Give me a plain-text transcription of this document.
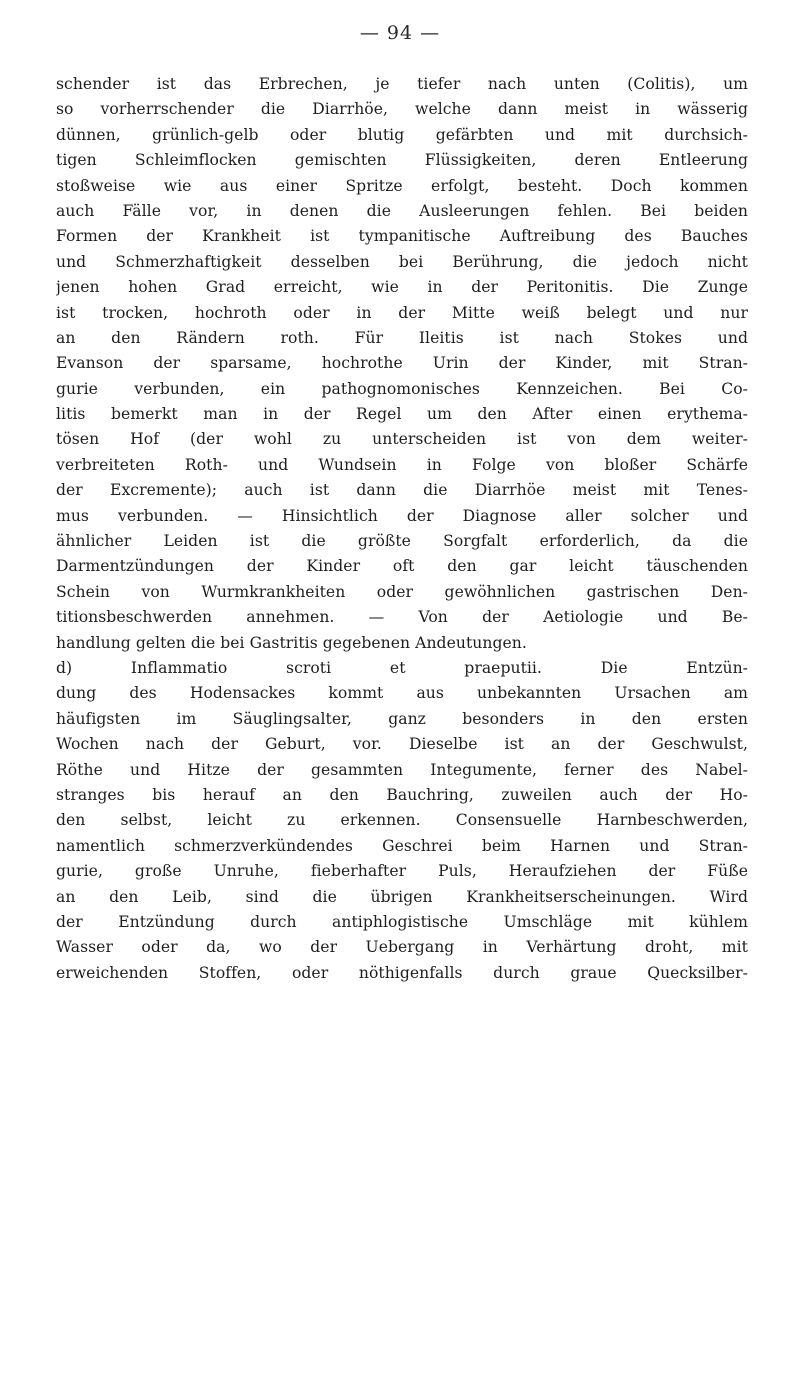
— 94 —
schender ist das Erbrechen, je tiefer nach unten (Colitis), um
so vorherrschender die Diarrhöe, welche dann meist in wässerig
dünnen, grünlich-gelb oder blutig gefärbten und mit durchsich-
tigen Schleimflocken gemischten Flüssigkeiten, deren Entleerung
stoßweise wie aus einer Spritze erfolgt, besteht. Doch kommen
auch Fälle vor, in denen die Ausleerungen fehlen. Bei beiden
Formen der Krankheit ist tympanitische Auftreibung des Bauches
und Schmerzhaftigkeit desselben bei Berührung, die jedoch nicht
jenen hohen Grad erreicht, wie in der Peritonitis. Die Zunge
ist trocken, hochroth oder in der Mitte weiß belegt und nur
an den Rändern roth. Für Ileitis ist nach Stokes und
Evanson der sparsame, hochrothe Urin der Kinder, mit Stran-
gurie verbunden, ein pathognomonisches Kennzeichen. Bei Co-
litis bemerkt man in der Regel um den After einen erythema-
tösen Hof (der wohl zu unterscheiden ist von dem weiter-
verbreiteten Roth- und Wundsein in Folge von bloßer Schärfe
der Excremente); auch ist dann die Diarrhöe meist mit Tenes-
mus verbunden. — Hinsichtlich der Diagnose aller solcher und
ähnlicher Leiden ist die größte Sorgfalt erforderlich, da die
Darmentzündungen der Kinder oft den gar leicht täuschenden
Schein von Wurmkrankheiten oder gewöhnlichen gastrischen Den-
titionsbeschwerden annehmen. — Von der Aetiologie und Be-
handlung gelten die bei Gastritis gegebenen Andeutungen.
d) Inflammatio scroti et praeputii. Die Entzün-
dung des Hodensackes kommt aus unbekannten Ursachen am
häufigsten im Säuglingsalter, ganz besonders in den ersten
Wochen nach der Geburt, vor. Dieselbe ist an der Geschwulst,
Röthe und Hitze der gesammten Integumente, ferner des Nabel-
stranges bis herauf an den Bauchring, zuweilen auch der Ho-
den selbst, leicht zu erkennen. Consensuelle Harnbeschwerden,
namentlich schmerzverkündendes Geschrei beim Harnen und Stran-
gurie, große Unruhe, fieberhafter Puls, Heraufziehen der Füße
an den Leib, sind die übrigen Krankheitserscheinungen. Wird
der Entzündung durch antiphlogistische Umschläge mit kühlem
Wasser oder da, wo der Uebergang in Verhärtung droht, mit
erweichenden Stoffen, oder nöthigenfalls durch graue Quecksilber-
